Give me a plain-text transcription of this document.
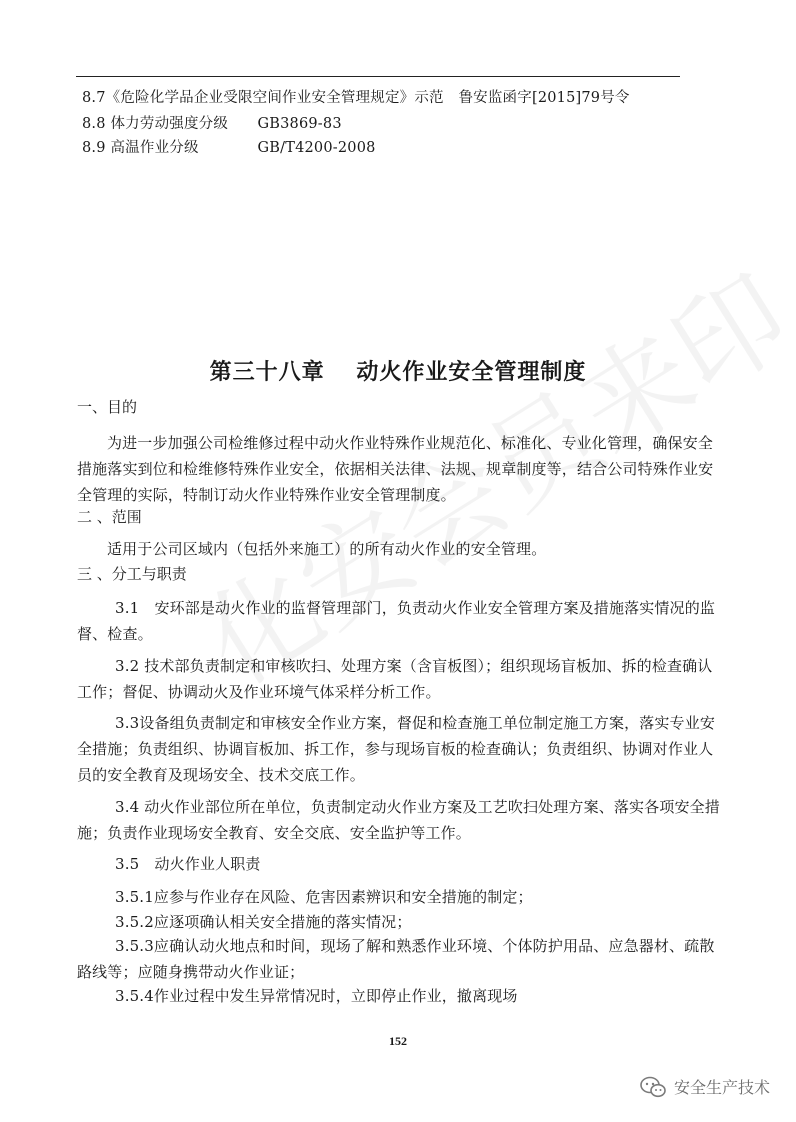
8.7《危险化学品企业受限空间作业安全管理规定》示范　鲁安监函字[2015]79号令
8.8 体力劳动强度分级　　GB3869-83
8.9 高温作业分级　　　　GB/T4200-2008
第三十八章　 动火作业安全管理制度
一、目的
为进一步加强公司检维修过程中动火作业特殊作业规范化、标准化、专业化管理，确保安全措施落实到位和检维修特殊作业安全，依据相关法律、法规、规章制度等，结合公司特殊作业安全管理的实际，特制订动火作业特殊作业安全管理制度。
二 、范围
适用于公司区域内（包括外来施工）的所有动火作业的安全管理。
三 、分工与职责
3.1　安环部是动火作业的监督管理部门，负责动火作业安全管理方案及措施落实情况的监督、检查。
3.2 技术部负责制定和审核吹扫、处理方案（含盲板图）；组织现场盲板加、拆的检查确认工作；督促、协调动火及作业环境气体采样分析工作。
3.3设备组负责制定和审核安全作业方案，督促和检查施工单位制定施工方案，落实专业安全措施；负责组织、协调盲板加、拆工作，参与现场盲板的检查确认；负责组织、协调对作业人员的安全教育及现场安全、技术交底工作。
3.4 动火作业部位所在单位，负责制定动火作业方案及工艺吹扫处理方案、落实各项安全措施；负责作业现场安全教育、安全交底、安全监护等工作。
3.5　动火作业人职责
3.5.1应参与作业存在风险、危害因素辨识和安全措施的制定；
3.5.2应逐项确认相关安全措施的落实情况；
3.5.3应确认动火地点和时间，现场了解和熟悉作业环境、个体防护用品、应急器材、疏散路线等；应随身携带动火作业证；
3.5.4作业过程中发生异常情况时，立即停止作业，撤离现场
152
安全生产技术
